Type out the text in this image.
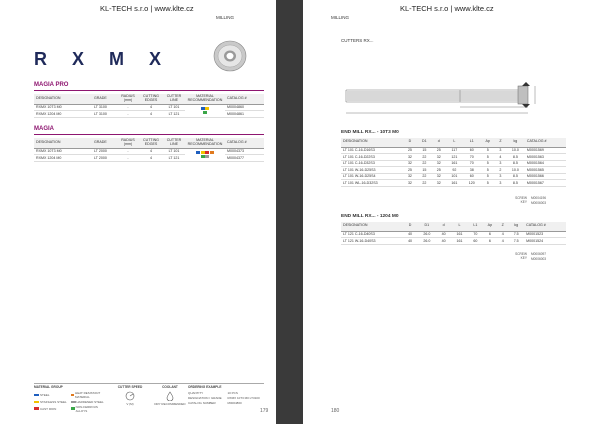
KL-TECH s.r.o | www.klte.cz
MILLING
R X M X
MAGIA PRO
DESIGNATION	GRADE	RADIUS (mm)	CUTTING EDGES	CUTTER LINE	MATERIAL RECOMMENDATION	CATALOG #
RXMX 10T3 M0	LT 3100	-	4	LT 101		M0004860
RXMX 1204 M0	LT 3100	-	4	LT 121		M0004861
MAGIA
DESIGNATION	GRADE	RADIUS (mm)	CUTTING EDGES	CUTTER LINE	MATERIAL RECOMMENDATION	CATALOG #
RXMX 10T3 M0	LT 2000	-	4	LT 101		M0004373
RXMX 1204 M0	LT 2000	-	4	LT 121		M0004377
MATERIAL GROUP
STEEL	HEAT RESISTANT MATERIAL
STAINLESS STEEL	HARDENED STEEL
CAST IRON	NON-FERROUS ALLOYS
CUTTER SPEED
V (M)
COOLANT
DRY RECOMMENDED
ORDERING EXAMPLE
QUANTITY	10 PCS
DESIGNATION / GRADE	RXMX 10T3 M0 LT3100
CATALOG NUMBER	M0004860
179
KL-TECH s.r.o | www.klte.cz
MILLING
CUTTERS RX...
END MILL RX... - 10T3 M0
DESIGNATION	D	D1	d	L	L1	Ap	Z	kg	CATALOG #
LT 101 C-16-D16S3	25	15	25	117	60	5	3	10.0	M0001569
LT 101 C-16-D22S3	32	22	32	121	70	5	4	8.5	M0001563
LT 101 C-16-D32S3	32	22	32	161	70	5	3	8.5	M0001564
LT 101 W-16-D25S3	25	15	25	92	38	5	2	10.0	M0001565
LT 101 W-16-D25S4	32	22	32	101	60	5	3	8.5	M0001566
LT 101 WL-16-D32S3	32	22	32	161	120	5	3	8.5	M0001567
SCREW KEY
M0004196
M0006003
END MILL RX... - 1204 M0
DESIGNATION	D	D1	d	L	L1	Ap	Z	kg	CATALOG #
LT 121 C-16-D40S3	40	26.0	40	161	70	6	4	7.5	M0001523
LT 121 W-16-D40S3	40	26.0	40	161	60	6	4	7.5	M0001524
SCREW KEY
M0006097
M0006003
180
